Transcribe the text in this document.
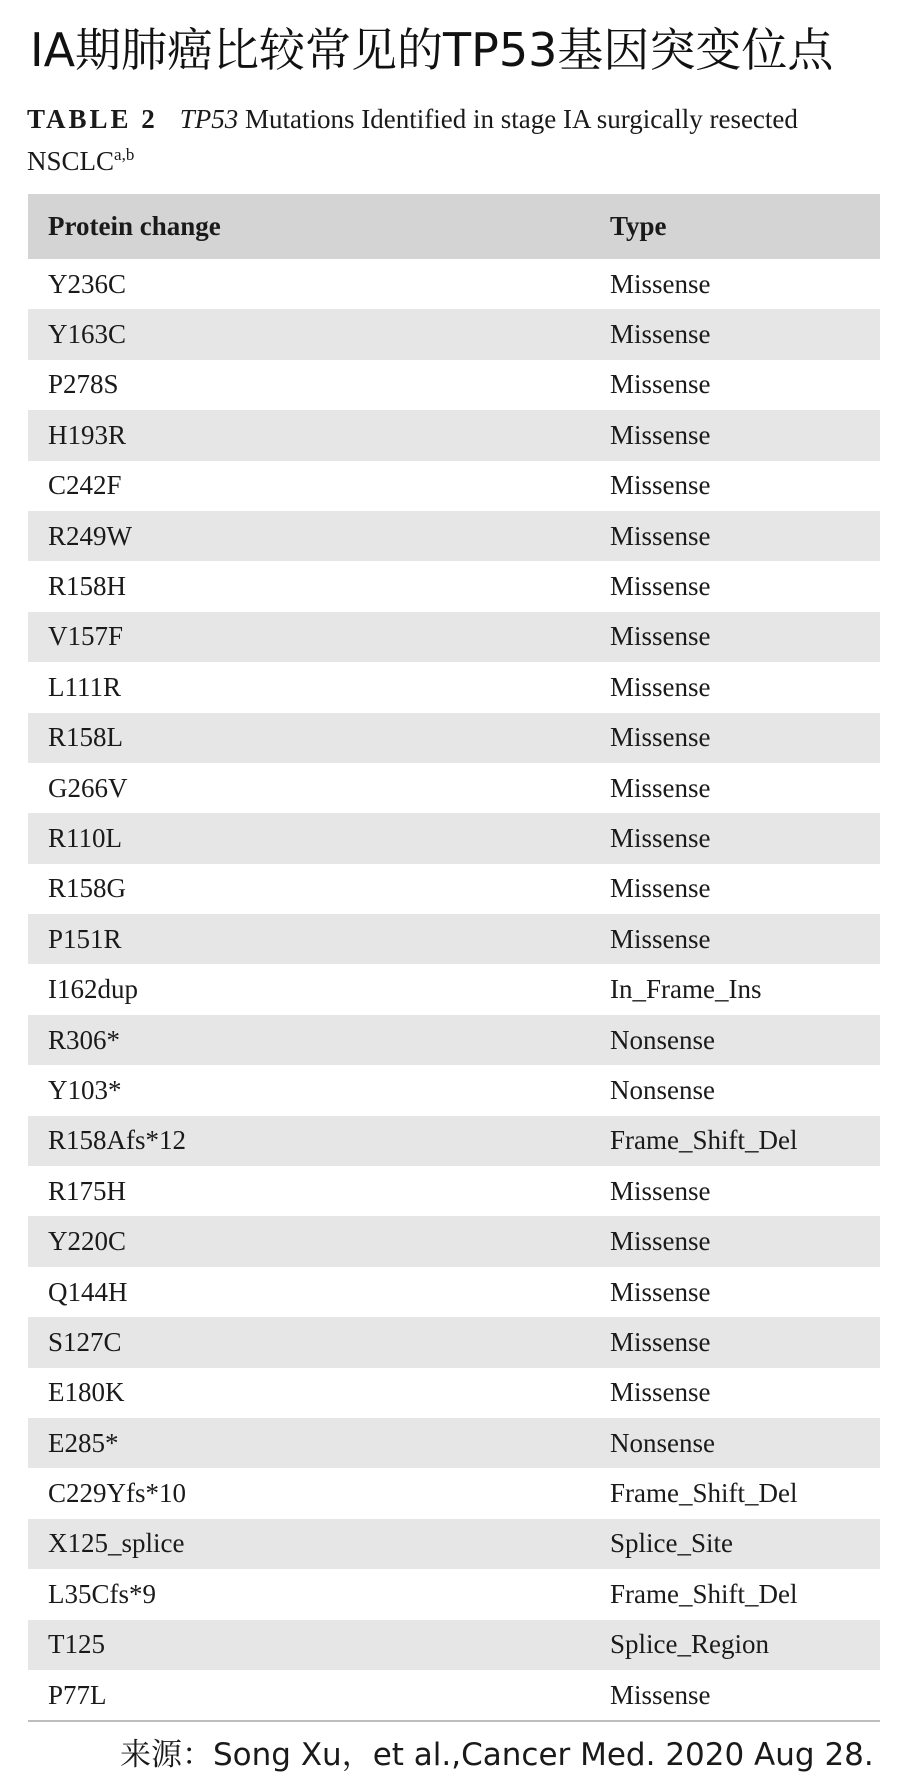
IA期肺癌比较常见的TP53基因突变位点
TABLE 2 TP53 Mutations Identified in stage IA surgically resected NSCLC$^{a,b}$
Protein change	Type
Y236C	Missense
Y163C	Missense
P278S	Missense
H193R	Missense
C242F	Missense
R249W	Missense
R158H	Missense
V157F	Missense
L111R	Missense
R158L	Missense
G266V	Missense
R110L	Missense
R158G	Missense
P151R	Missense
I162dup	In_Frame_Ins
R306*	Nonsense
Y103*	Nonsense
R158Afs*12	Frame_Shift_Del
R175H	Missense
Y220C	Missense
Q144H	Missense
S127C	Missense
E180K	Missense
E285*	Nonsense
C229Yfs*10	Frame_Shift_Del
X125_splice	Splice_Site
L35Cfs*9	Frame_Shift_Del
T125	Splice_Region
P77L	Missense
来源：Song Xu，et al.,Cancer Med. 2020 Aug 28.
